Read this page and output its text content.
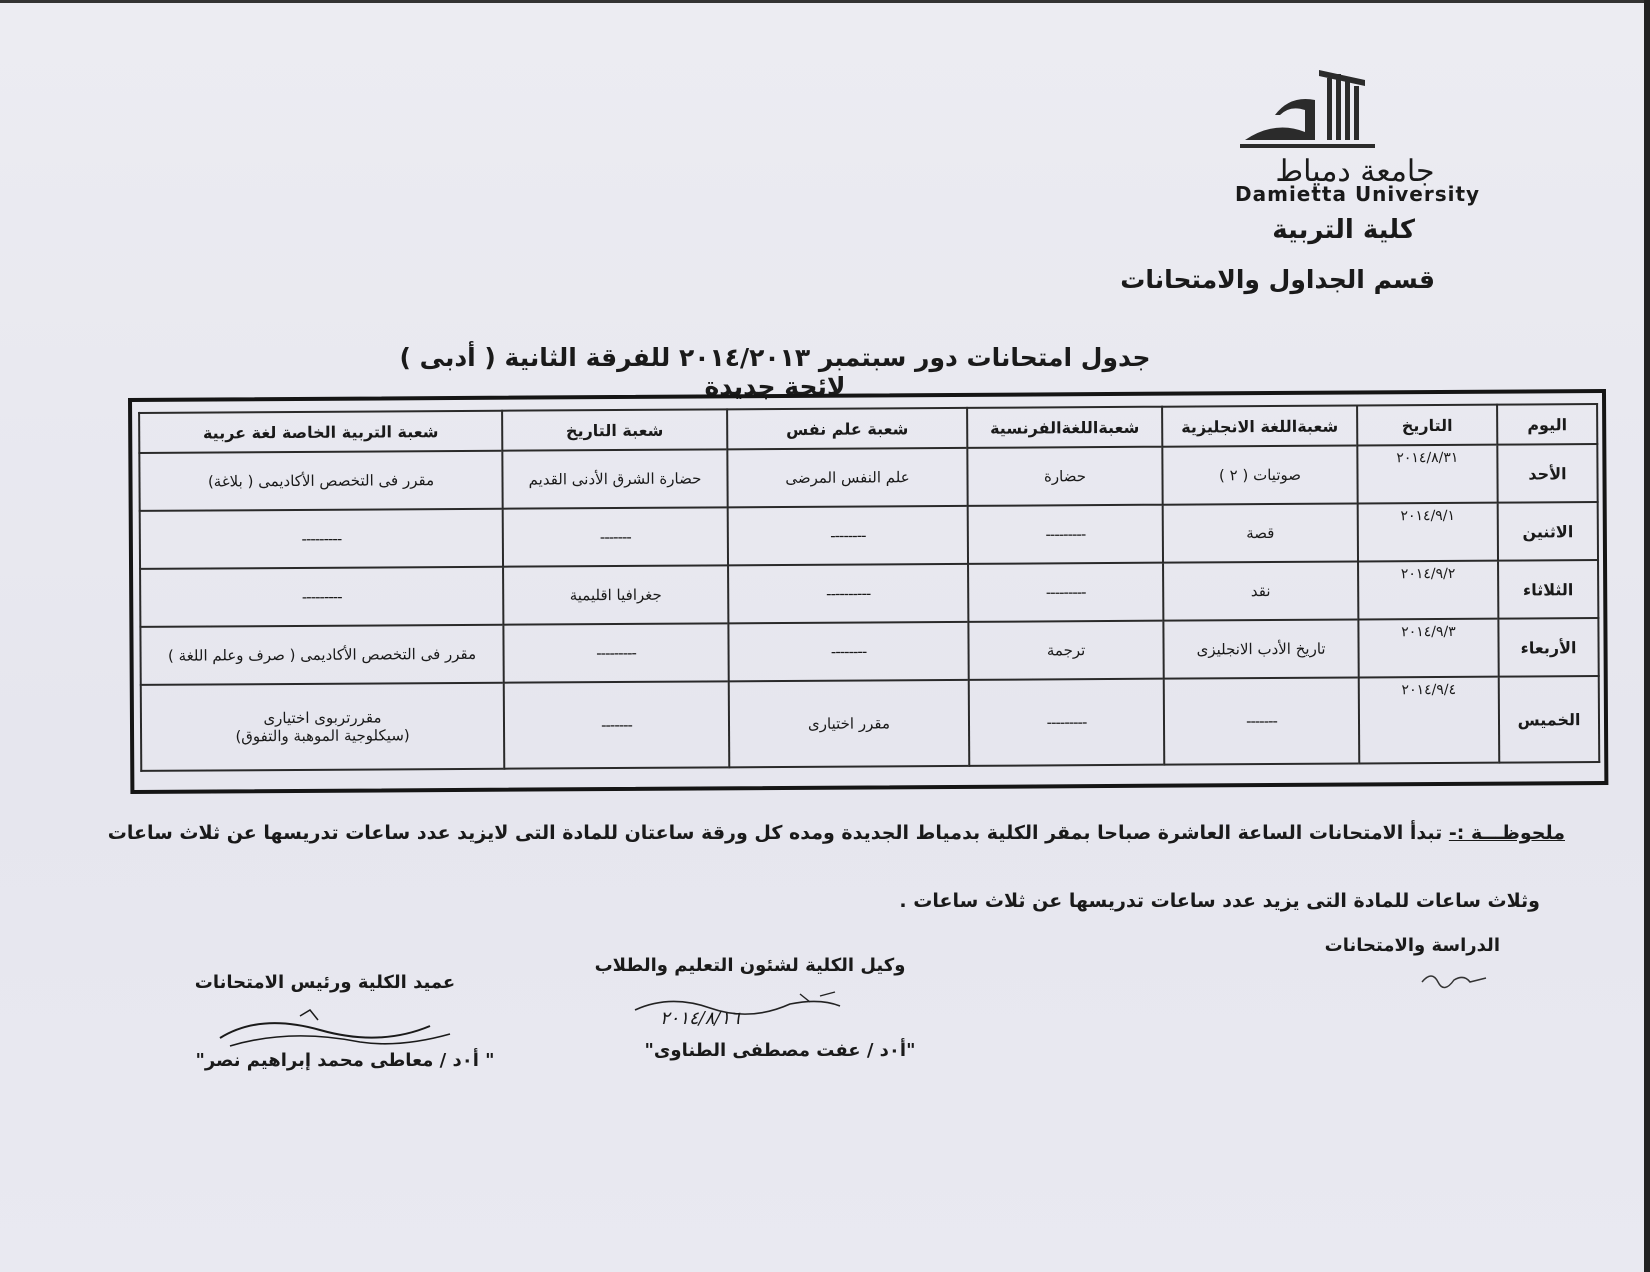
جامعة دمياط
Damietta University
كلية التربية
قسم الجداول والامتحانات
جدول امتحانات دور سبتمبر ٢٠١٤/٢٠١٣ للفرقة الثانية ( أدبى )
لائحة جديدة
اليوم	التاريخ	شعبةاللغة الانجليزية	شعبةاللغةالفرنسية	شعبة علم نفس	شعبة التاريخ	شعبة التربية الخاصة لغة عربية
الأحد	٢٠١٤/٨/٣١	صوتيات ( ٢ )	حضارة	علم النفس المرضى	حضارة الشرق الأدنى القديم	مقرر فى التخصص الأكاديمى ( بلاغة)
الاثنين	٢٠١٤/٩/١	قصة	---------	--------	-------	---------
الثلاثاء	٢٠١٤/٩/٢	نقد	---------	----------	جغرافيا اقليمية	---------
الأربعاء	٢٠١٤/٩/٣	تاريخ الأدب الانجليزى	ترجمة	--------	---------	مقرر فى التخصص الأكاديمى ( صرف وعلم اللغة )
الخميس	٢٠١٤/٩/٤	-------	---------	مقرر اختيارى	-------	مقررتربوى اختيارى
(سيكلوجية الموهبة والتفوق)
ملحوظـــة :- تبدأ الامتحانات الساعة العاشرة صباحا بمقر الكلية بدمياط الجديدة ومده كل ورقة ساعتان للمادة التى لايزيد عدد ساعات تدريسها عن ثلاث ساعات
وثلاث ساعات للمادة التى يزيد عدد ساعات تدريسها عن ثلاث ساعات .
الدراسة والامتحانات
وكيل الكلية لشئون التعليم والطلاب
٢٠١٤/٨/١٦
"أ٠د / عفت مصطفى الطناوى"
عميد الكلية ورئيس الامتحانات
" أ٠د / معاطى محمد إبراهيم نصر"
